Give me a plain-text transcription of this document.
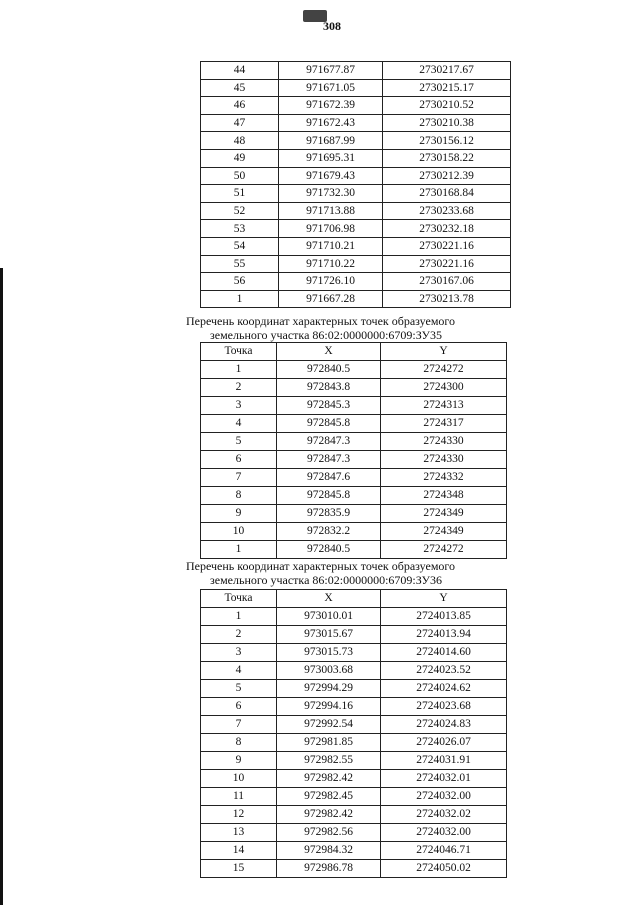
308
44	971677.87	2730217.67
45	971671.05	2730215.17
46	971672.39	2730210.52
47	971672.43	2730210.38
48	971687.99	2730156.12
49	971695.31	2730158.22
50	971679.43	2730212.39
51	971732.30	2730168.84
52	971713.88	2730233.68
53	971706.98	2730232.18
54	971710.21	2730221.16
55	971710.22	2730221.16
56	971726.10	2730167.06
1	971667.28	2730213.78
Перечень координат характерных точек образуемого
земельного участка 86:02:0000000:6709:ЗУ35
Точка	X	Y
1	972840.5	2724272
2	972843.8	2724300
3	972845.3	2724313
4	972845.8	2724317
5	972847.3	2724330
6	972847.3	2724330
7	972847.6	2724332
8	972845.8	2724348
9	972835.9	2724349
10	972832.2	2724349
1	972840.5	2724272
Перечень координат характерных точек образуемого
земельного участка 86:02:0000000:6709:ЗУ36
Точка	X	Y
1	973010.01	2724013.85
2	973015.67	2724013.94
3	973015.73	2724014.60
4	973003.68	2724023.52
5	972994.29	2724024.62
6	972994.16	2724023.68
7	972992.54	2724024.83
8	972981.85	2724026.07
9	972982.55	2724031.91
10	972982.42	2724032.01
11	972982.45	2724032.00
12	972982.42	2724032.02
13	972982.56	2724032.00
14	972984.32	2724046.71
15	972986.78	2724050.02
